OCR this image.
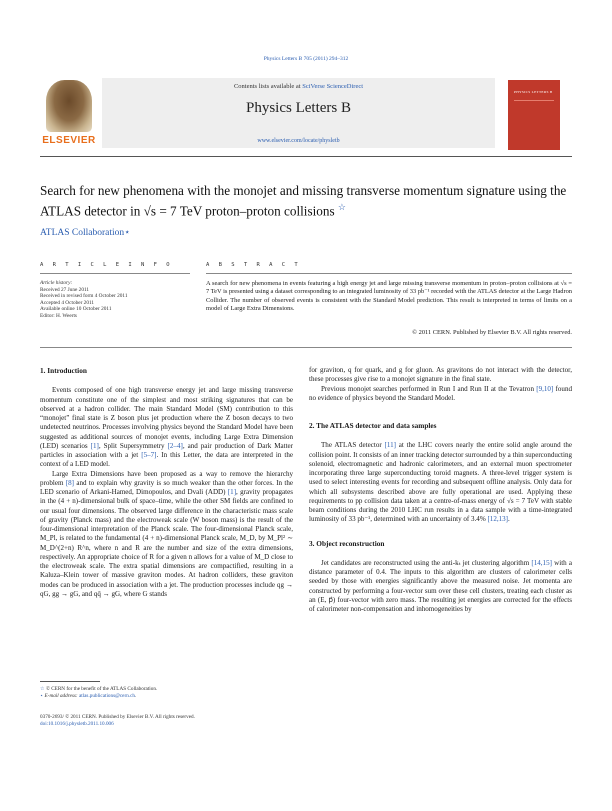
Physics Letters B 705 (2011) 294–312
ELSEVIER
Contents lists available at SciVerse ScienceDirect
Physics Letters B
www.elsevier.com/locate/physletb
PHYSICS LETTERS B
Search for new phenomena with the monojet and missing transverse momentum signature using the ATLAS detector in √s = 7 TeV proton–proton collisions ☆
ATLAS Collaboration⋆
A R T I C L E I N F O	A B S T R A C T
Article history:
Received 27 June 2011
Received in revised form 4 October 2011
Accepted 4 October 2011
Available online 10 October 2011
Editor: H. Weerts
A search for new phenomena in events featuring a high energy jet and large missing transverse momentum in proton–proton collisions at √s = 7 TeV is presented using a dataset corresponding to an integrated luminosity of 33 pb⁻¹ recorded with the ATLAS detector at the Large Hadron Collider. The number of observed events is consistent with the Standard Model prediction. This result is interpreted in terms of limits on a model of Large Extra Dimensions.
© 2011 CERN. Published by Elsevier B.V. All rights reserved.
1. Introduction

Events composed of one high transverse energy jet and large missing transverse momentum constitute one of the simplest and most striking signatures that can be observed at a hadron collider. The main Standard Model (SM) contribution to this “monojet” final state is Z boson plus jet production where the Z boson decays to two undetected neutrinos. Processes involving physics beyond the Standard Model have been suggested as additional sources of monojet events, including Large Extra Dimension (LED) scenarios [1], Split Supersymmetry [2–4], and pair production of Dark Matter particles in association with a jet [5–7]. In this Letter, the data are interpreted in the context of a LED model.

Large Extra Dimensions have been proposed as a way to remove the hierarchy problem [8] and to explain why gravity is so much weaker than the other forces. In the LED scenario of Arkani-Hamed, Dimopoulos, and Dvali (ADD) [1], gravity propagates in the (4 + n)-dimensional bulk of space–time, while the other SM fields are confined to our usual four dimensions. The observed large difference in the characteristic mass scale of gravity (Planck mass) and the electroweak scale (W boson mass) is the result of the four-dimensional interpretation of the Planck scale. The four-dimensional Planck scale, M_Pl, is related to the fundamental (4 + n)-dimensional Planck scale, M_D, by M_Pl² ∼ M_D^(2+n) R^n, where n and R are the number and size of the extra dimensions, respectively. An appropriate choice of R for a given n allows for a value of M_D close to the electroweak scale. The extra spatial dimensions are compactified, resulting in a Kaluza–Klein tower of massive graviton modes. At hadron colliders, these graviton modes can be produced in association with a jet. The production processes include qg → qG, gg → gG, and qq̄ → gG, where G stands

for graviton, q for quark, and g for gluon. As gravitons do not interact with the detector, these processes give rise to a monojet signature in the final state.

Previous monojet searches performed in Run I and Run II at the Tevatron [9,10] found no evidence of physics beyond the Standard Model.

2. The ATLAS detector and data samples

The ATLAS detector [11] at the LHC covers nearly the entire solid angle around the collision point. It consists of an inner tracking detector surrounded by a thin superconducting solenoid, electromagnetic and hadronic calorimeters, and an external muon spectrometer incorporating three large superconducting toroid magnets. A three-level trigger system is used to select interesting events for recording and subsequent offline analysis. Only data for which all subsystems described above are fully operational are used. Applying these requirements to pp collision data taken at a centre-of-mass energy of √s = 7 TeV with stable beam conditions during the 2010 LHC run results in a data sample with a time-integrated luminosity of 33 pb⁻¹, determined with an uncertainty of 3.4% [12,13].

3. Object reconstruction

Jet candidates are reconstructed using the anti-kₜ jet clustering algorithm [14,15] with a distance parameter of 0.4. The inputs to this algorithm are clusters of calorimeter cells seeded by those with energies significantly above the measured noise. Jet momenta are constructed by performing a four-vector sum over these cell clusters, treating each cluster as an (E, p⃗) four-vector with zero mass. The resulting jet energies are corrected for the effects of calorimeter non-compensation and inhomogeneities by

☆ © CERN for the benefit of the ATLAS Collaboration.
⋆ E-mail address: atlas.publications@cern.ch.
0370-2693/ © 2011 CERN. Published by Elsevier B.V. All rights reserved.
doi:10.1016/j.physletb.2011.10.006
